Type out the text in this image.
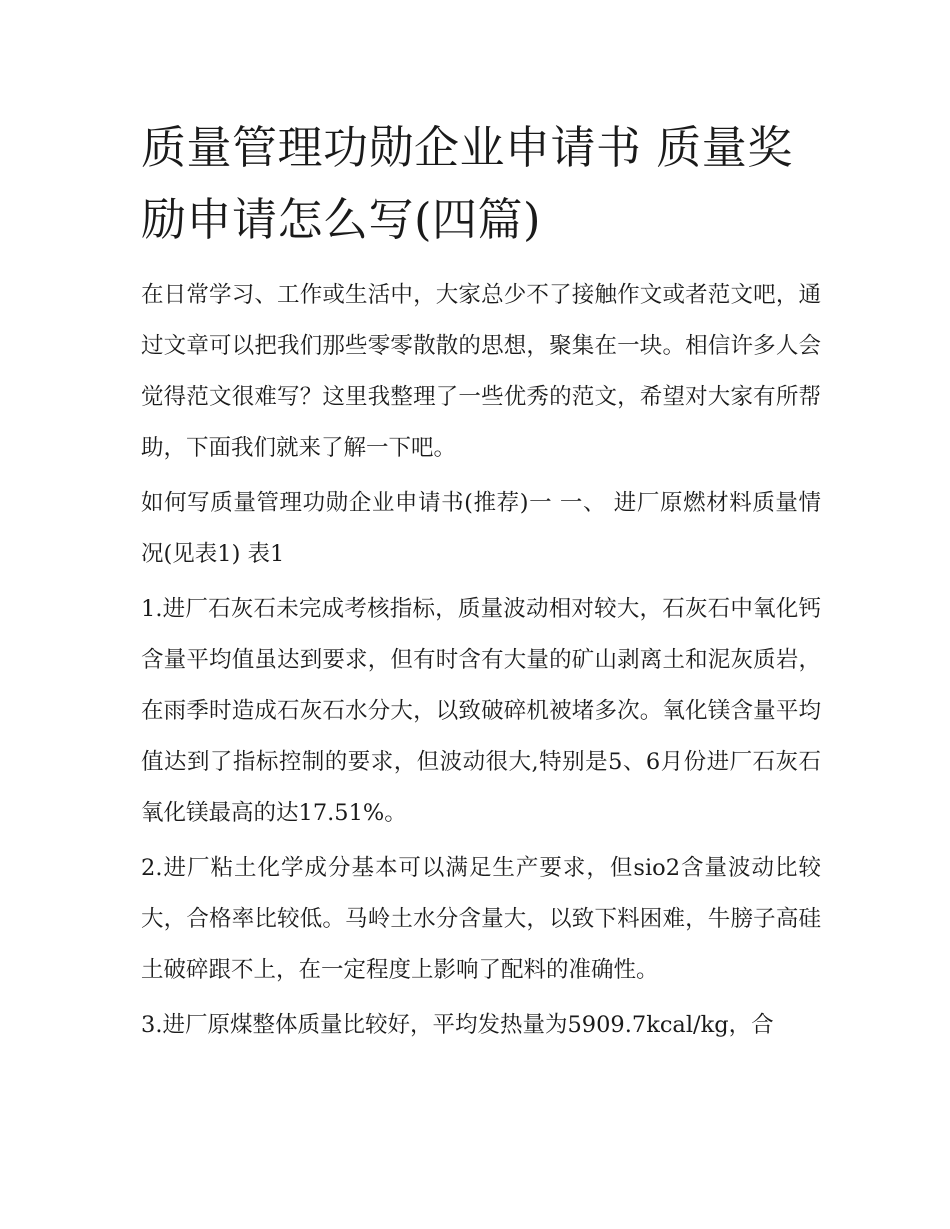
质量管理功勋企业申请书 质量奖励申请怎么写(四篇)

在日常学习、工作或生活中，大家总少不了接触作文或者范文吧，通过文章可以把我们那些零零散散的思想，聚集在一块。相信许多人会觉得范文很难写？这里我整理了一些优秀的范文，希望对大家有所帮助，下面我们就来了解一下吧。

如何写质量管理功勋企业申请书(推荐)一 一、 进厂原燃材料质量情况(见表1) 表1

1.进厂石灰石未完成考核指标，质量波动相对较大，石灰石中氧化钙含量平均值虽达到要求，但有时含有大量的矿山剥离土和泥灰质岩，在雨季时造成石灰石水分大，以致破碎机被堵多次。氧化镁含量平均值达到了指标控制的要求，但波动很大,特别是5、6月份进厂石灰石氧化镁最高的达17.51%。

2.进厂粘土化学成分基本可以满足生产要求，但sio2含量波动比较大，合格率比较低。马岭土水分含量大，以致下料困难，牛膀子高硅土破碎跟不上，在一定程度上影响了配料的准确性。

3.进厂原煤整体质量比较好，平均发热量为5909.7kcal/kg，合
